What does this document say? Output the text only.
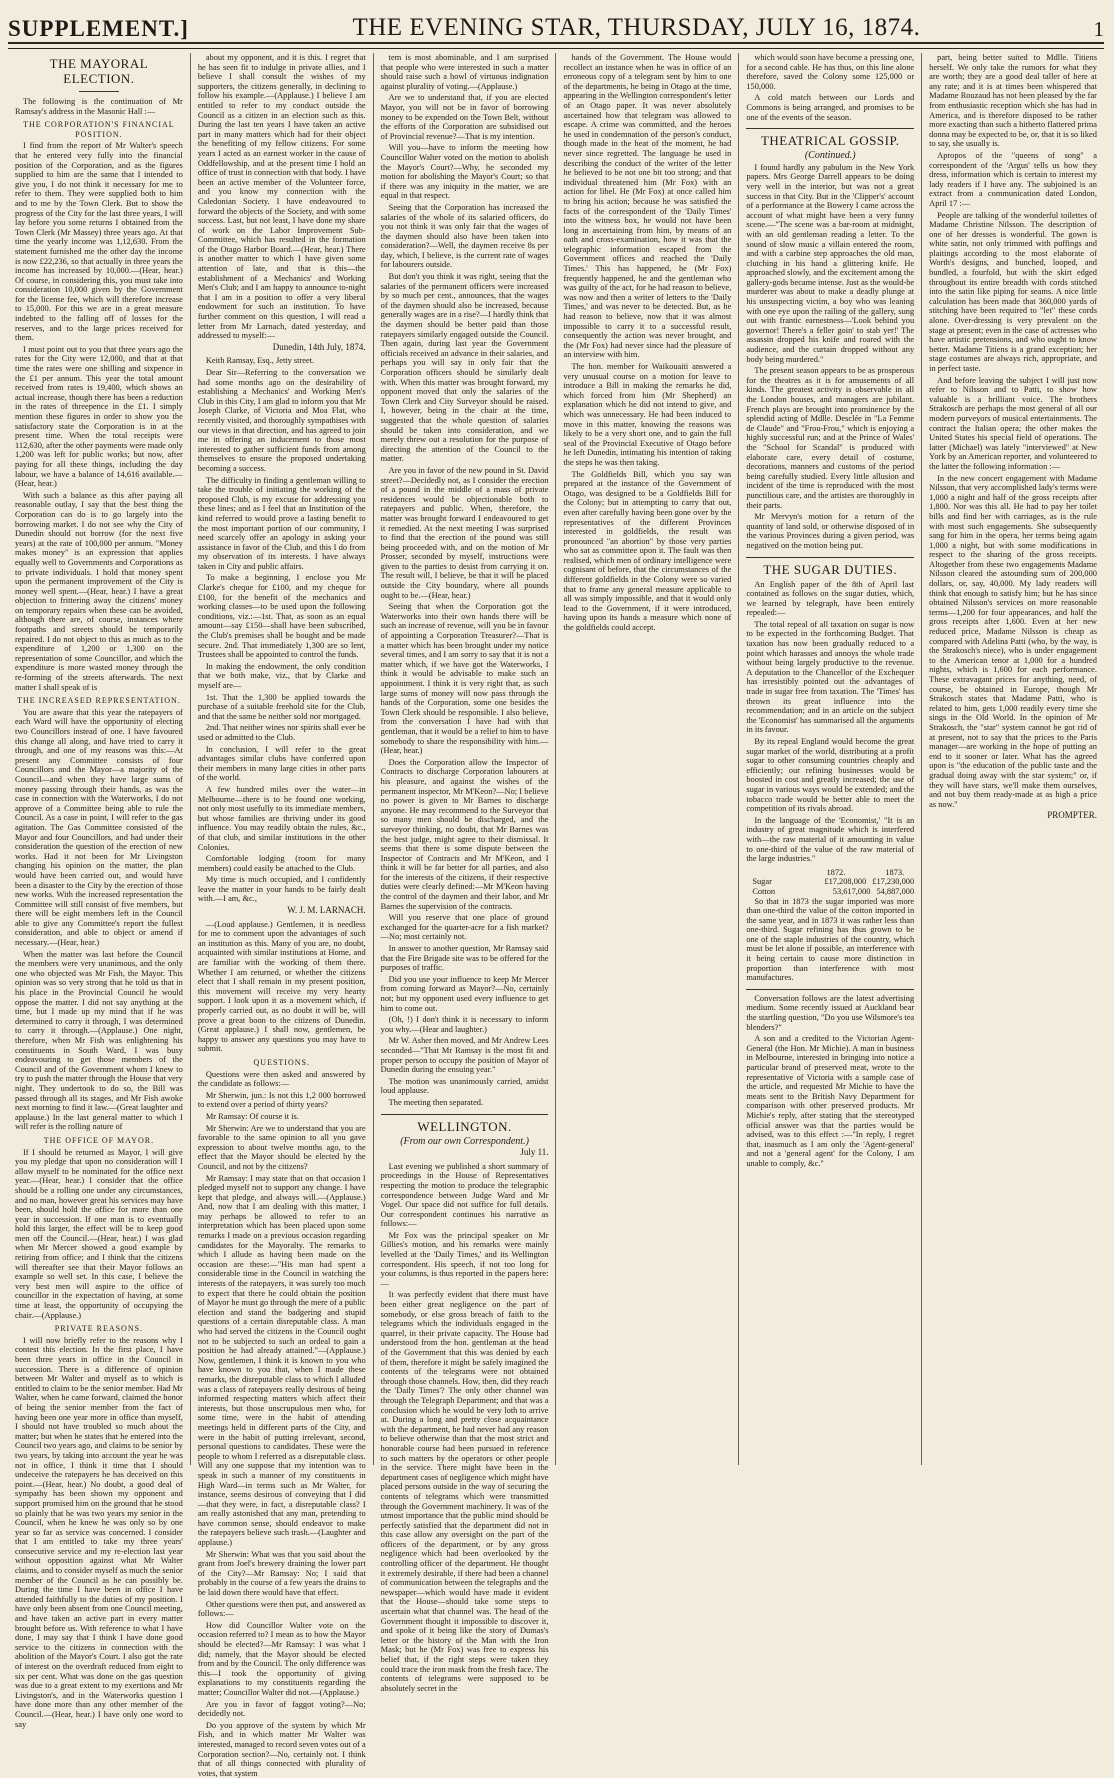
SUPPLEMENT.]	THE EVENING STAR, THURSDAY, JULY 16, 1874.	1
THE MAYORAL ELECTION.

The following is the continuation of Mr Ramsay's address in the Masonic Hall :—

THE CORPORATION'S FINANCIAL POSITION.

I find from the report of Mr Walter's speech that he entered very fully into the financial position of the Corporation, and as the figures supplied to him are the same that I intended to give you, I do not think it necessary for me to refer to them. They were supplied both to him and to me by the Town Clerk. But to show the progress of the City for the last three years, I will lay before you some returns I obtained from the Town Clerk (Mr Massey) three years ago. At that time the yearly income was 1,12,630. From the statement furnished me the other day the income is now £22,236, so that actually in three years the income has increased by 10,000.—(Hear, hear.) Of course, in considering this, you must take into consideration 10,000 given by the Government for the license fee, which will therefore increase to 15,000. For this we are in a great measure indebted to the falling off of losses for the reserves, and to the large prices received for them.

I must point out to you that three years ago the rates for the City were 12,000, and that at that time the rates were one shilling and sixpence in the £1 per annum. This year the total amount received from rates is 19,400, which shows an actual increase, though there has been a reduction in the rates of threepence in the £1. I simply mention these figures in order to show you the satisfactory state the Corporation is in at the present time. When the total receipts were 112,630, after the other payments were made only 1,200 was left for public works; but now, after paying for all these things, including the day labour, we have a balance of 14,616 available.—(Hear, hear.)

With such a balance as this after paying all reasonable outlay, I say that the best thing the Corporation can do is to go largely into the borrowing market. I do not see why the City of Dunedin should not borrow (for the next five years) at the rate of 100,000 per annum. "Money makes money" is an expression that applies equally well to Governments and Corporations as to private individuals. I hold that money spent upon the permanent improvement of the City is money well spent.—(Hear, hear.) I have a great objection to frittering away the citizens' money on temporary repairs when these can be avoided, although there are, of course, instances where footpaths and streets should be temporarily repaired. I do not object to this as much as to the expenditure of 1,200 or 1,300 on the representation of some Councillor, and which the expenditure is more wasted money through the re-forming of the streets afterwards. The next matter I shall speak of is

THE INCREASED REPRESENTATION.

You are aware that this year the ratepayers of each Ward will have the opportunity of electing two Councillors instead of one. I have favoured this change all along, and have tried to carry it through, and one of my reasons was this:—At present any Committee consists of four Councillors and the Mayor—a majority of the Council—and when they have large sums of money passing through their hands, as was the case in connection with the Waterworks, I do not approve of a Committee being able to rule the Council. As a case in point, I will refer to the gas agitation. The Gas Committee consisted of the Mayor and four Councillors, and had under their consideration the question of the erection of new works. Had it not been for Mr Livingston changing his opinion on the matter, the plan would have been carried out, and would have been a disaster to the City by the erection of those new works. With the increased representation the Committee will still consist of five members, but there will be eight members left in the Council able to give any Committee's report the fullest consideration, and able to object or amend if necessary.—(Hear, hear.)

When the matter was last before the Council the members were very unanimous, and the only one who objected was Mr Fish, the Mayor. This opinion was so very strong that he told us that in his place in the Provincial Council he would oppose the matter. I did not say anything at the time, but I made up my mind that if he was determined to carry it through, I was determined to carry it through.—(Applause.) One night, therefore, when Mr Fish was enlightening his constituents in South Ward, I was busy endeavouring to get those members of the Council and of the Government whom I knew to try to push the matter through the House that very night. They undertook to do so, the Bill was passed through all its stages, and Mr Fish awoke next morning to find it law.—(Great laughter and applause.) In the last general matter to which I will refer is the rolling nature of

THE OFFICE OF MAYOR.

If I should be returned as Mayor, I will give you my pledge that upon no consideration will I allow myself to be nominated for the office next year.—(Hear, hear.) I consider that the office should be a rolling one under any circumstances, and no man, however great his services may have been, should hold the office for more than one year in succession. If one man is to eventually hold this larger, the effect will be to keep good men off the Council.—(Hear, hear.) I was glad when Mr Mercer showed a good example by retiring from office; and I think that the citizens will thereafter see that their Mayor follows an example so well set. In this case, I believe the very best men will aspire to the office of councillor in the expectation of having, at some time at least, the opportunity of occupying the chair.—(Applause.)

PRIVATE REASONS.

I will now briefly refer to the reasons why I contest this election. In the first place, I have been three years in office in the Council in succession. There is a difference of opinion between Mr Walter and myself as to which is entitled to claim to be the senior member. Had Mr Walter, when he came forward, claimed the honor of being the senior member from the fact of having been one year more in office than myself, I should not have troubled so much about the matter; but when he states that he entered into the Council two years ago, and claims to be senior by two years, by taking into account the year he was not in office, I think it time that I should undeceive the ratepayers he has deceived on this point.—(Hear, hear.) No doubt, a good deal of sympathy has been shown my opponent and support promised him on the ground that he stood so plainly that he was two years my senior in the Council, when he knew he was only so by one year so far as service was concerned. I consider that I am entitled to take my three years' consecutive service and my re-election last year without opposition against what Mr Walter claims, and to consider myself as much the senior member of the Council as he can possibly be. During the time I have been in office I have attended faithfully to the duties of my position. I have only been absent from one Council meeting, and have taken an active part in every matter brought before us. With reference to what I have done, I may say that I think I have done good service to the citizens in connection with the abolition of the Mayor's Court. I also got the rate of interest on the overdraft reduced from eight to six per cent. What was done on the gas question was due to a great extent to my exertions and Mr Livingston's, and in the Waterworks question I have done more than any other member of the Council.—(Hear, hear.) I have only one word to say

about my opponent, and it is this. I regret that he has seen fit to indulge in private allies, and I believe I shall consult the wishes of my supporters, the citizens generally, in declining to follow his example.—(Applause.) I believe I am entitled to refer to my conduct outside the Council as a citizen in an election such as this. During the last ten years I have taken an active part in many matters which had for their object the benefiting of my fellow citizens. For some years I acted as an earnest worker in the cause of Oddfellowship, and at the present time I hold an office of trust in connection with that body. I have been an active member of the Volunteer force, and you know my connection with the Caledonian Society. I have endeavoured to forward the objects of the Society, and with some success. Last, but not least, I have done my share of work on the Labor Improvement Sub-Committee, which has resulted in the formation of the Otago Harbor Board.—(Hear, hear.) There is another matter to which I have given some attention of late, and that is this—the establishment of a Mechanics' and Working Men's Club; and I am happy to announce to-night that I am in a position to offer a very liberal endowment for such an institution. To have further comment on this question, I will read a letter from Mr Larnach, dated yesterday, and addressed to myself:—

Dunedin, 14th July, 1874.

Keith Ramsay, Esq., Jetty street.

Dear Sir—Referring to the conversation we had some months ago on the desirability of establishing a Mechanics' and Working Men's Club in this City, I am glad to inform you that Mr Joseph Clarke, of Victoria and Moa Flat, who recently visited, and thoroughly sympathises with our views in that direction, and has agreed to join me in offering an inducement to those most interested to gather sufficient funds from among themselves to ensure the proposed undertaking becoming a success.

The difficulty in finding a gentleman willing to take the trouble of initiating the working of the proposed Club, is my excuse for addressing you these lines; and as I feel that an Institution of the kind referred to would prove a lasting benefit to the most important portion of our community, I need scarcely offer an apology in asking your assistance in favor of the Club, and this I do from my observation of its interests. I have always taken in City and public affairs.

To make a beginning, I enclose you Mr Clarke's cheque for £100, and my cheque for £100, for the benefit of the mechanics and working classes—to be used upon the following conditions, viz.:—1st. That, as soon as an equal amount—say £150—shall have been subscribed, the Club's premises shall be bought and be made secure. 2nd. That immediately 1,300 are so lent, Trustees shall be appointed to control the funds.

In making the endowment, the only condition that we both make, viz., that by Clarke and myself are—

1st. That the 1,300 be applied towards the purchase of a suitable freehold site for the Club, and that the same be neither sold nor mortgaged.

2nd. That neither wines nor spirits shall ever be used or admitted to the Club.

In conclusion, I will refer to the great advantages similar clubs have conferred upon their members in many large cities in other parts of the world.

A few hundred miles over the water—in Melbourne—there is to be found one working, not only most usefully to its immediate members, but whose families are thriving under its good influence. You may readily obtain the rules, &c., of that club, and similar institutions in the other Colonies.

Comfortable lodging (room for many members) could easily be attached to the Club.

My time is much occupied, and I confidently leave the matter in your hands to be fairly dealt with.—I am, &c.,

W. J. M. LARNACH.

—(Loud applause.) Gentlemen, it is needless for me to comment upon the advantages of such an institution as this. Many of you are, no doubt, acquainted with similar institutions at Home, and are familiar with the working of them there. Whether I am returned, or whether the citizens elect that I shall remain in my present position, this movement will receive my very hearty support. I look upon it as a movement which, if properly carried out, as no doubt it will be, will prove a great boon to the citizens of Dunedin. (Great applause.) I shall now, gentlemen, be happy to answer any questions you may have to submit.

QUESTIONS.

Questions were then asked and answered by the candidate as follows:—

Mr Sherwin, jun.: Is not this 1,2 000 borrowed to extend over a period of thirty years?

Mr Ramsay: Of course it is.

Mr Sherwin: Are we to understand that you are favorable to the same opinion to all you gave expression to about twelve months ago, to the effect that the Mayor should be elected by the Council, and not by the citizens?

Mr Ramsay: I may state that on that occasion I pledged myself not to support any change. I have kept that pledge, and always will.—(Applause.) And, now that I am dealing with this matter, I may perhaps be allowed to refer to an interpretation which has been placed upon some remarks I made on a previous occasion regarding candidates for the Mayoralty. The remarks to which I allude as having been made on the occasion are these:—"His man had spent a considerable time in the Council in watching the interests of the ratepayers, it was surely too much to expect that there he could obtain the position of Mayor he must go through the mere of a public election and stand the badgering and stupid questions of a certain disreputable class. A man who had served the citizens in the Council ought not to be subjected to such an ordeal to gain a position he had already attained."—(Applause.) Now, gentlemen, I think it is known to you who have known to you that, when I made these remarks, the disreputable class to which I alluded was a class of ratepayers really desirous of being informed respecting matters which affect their interests, but those unscrupulous men who, for some time, were in the habit of attending meetings held in different parts of the City, and were in the habit of putting irrelevant, second, personal questions to candidates. These were the people to whom I referred as a disreputable class. Will any one suppose that my intention was to speak in such a manner of my constituents in High Ward—in terms such as Mr Walter, for instance, seems desirous of conveying that I did—that they were, in fact, a disreputable class? I am really astonished that any man, pretending to have common sense, should endeavor to make the ratepayers believe such trash.—(Laughter and applause.)

Mr Sherwin: What was that you said about the grant from Joel's brewery draining the lower part of the City?—Mr Ramsay: No; I said that probably in the course of a few years the drains to be laid down there would have that effect.

Other questions were then put, and answered as follows:—

How did Councillor Walter vote on the occasion referred to? I mean as to how the Mayor should be elected?—Mr Ramsay: I was what I did; namely, that the Mayor should be elected from and by the Council. The only difference was this—I took the opportunity of giving explanations to my constituents regarding the matter; Councillor Walter did not.—(Applause.)

Are you in favor of faggot voting?—No; decidedly not.

Do you approve of the system by which Mr Fish, and in which matter Mr Walter was interested, managed to record seven votes out of a Corporation section?—No, certainly not. I think that of all things connected with plurality of votes, that system

tem is most abominable, and I am surprised that people who were interested in such a matter should raise such a howl of virtuous indignation against plurality of voting.—(Applause.)

Are we to understand that, if you are elected Mayor, you will not be in favor of borrowing money to be expended on the Town Belt, without the efforts of the Corporation are subsidised out of Provincial revenue?—That is my intention.

Will you—have to inform the meeting how Councillor Walter voted on the motion to abolish the Mayor's Court?—Why, he seconded my motion for abolishing the Mayor's Court; so that if there was any iniquity in the matter, we are equal in that respect.

Seeing that the Corporation has increased the salaries of the whole of its salaried officers, do you not think it was only fair that the wages of the daymen should also have been taken into consideration?—Well, the daymen receive 8s per day, which, I believe, is the current rate of wages for labourers outside.

But don't you think it was right, seeing that the salaries of the permanent officers were increased by so much per cent., announces, that the wages of the daymen should also be increased, because generally wages are in a rise?—I hardly think that the daymen should be better paid than those ratepayers similarly engaged outside the Council. Then again, during last year the Government officials received an advance in their salaries, and perhaps you will say in only fair that the Corporation officers should be similarly dealt with. When this matter was brought forward, my opponent moved that only the salaries of the Town Clerk and City Surveyor should be raised. I, however, being in the chair at the time, suggested that the whole question of salaries should be taken into consideration, and we merely threw out a resolution for the purpose of directing the attention of the Council to the matter.

Are you in favor of the new pound in St. David street?—Decidedly not, as I consider the erection of a pound in the middle of a mass of private residences would be objectionable both to ratepayers and public. When, therefore, the matter was brought forward I endeavoured to get it remedied. At the next meeting I was surprised to find that the erection of the pound was still being proceeded with, and on the motion of Mr Prosser, seconded by myself, instructions were given to the parties to desist from carrying it on. The result will, I believe, be that it will be placed outside the City boundary, where all pounds ought to be.—(Hear, hear.)

Seeing that when the Corporation got the Waterworks into their own hands there will be such an increase of revenue, will you be in favour of appointing a Corporation Treasurer?—That is a matter which has been brought under my notice several times, and I am sorry to say that it is not a matter which, if we have got the Waterworks, I think it would be advisable to make such an appointment. I think it is very right that, as such large sums of money will now pass through the hands of the Corporation, some one besides the Town Clerk should be responsible. I also believe, from the conversation I have had with that gentleman, that it would be a relief to him to have somebody to share the responsibility with him.—(Hear, hear.)

Does the Corporation allow the Inspector of Contracts to discharge Corporation labourers at his pleasure, and against the wishes of the permanent inspector, Mr M'Keon?—No; I believe no power is given to Mr Barnes to discharge anyone. He may recommend to the Surveyor that so many men should be discharged, and the surveyor thinking, no doubt, that Mr Barnes was the best judge, might agree to their dismissal. It seems that there is some dispute between the Inspector of Contracts and Mr M'Keon, and I think it will be far better for all parties, and also for the interests of the citizens, if their respective duties were clearly defined:—Mr M'Keon having the control of the daymen and their labor, and Mr Barnes the supervision of the contracts.

Will you reserve that one place of ground exchanged for the quarter-acre for a fish market?—No; most certainly not.

In answer to another question, Mr Ramsay said that the Fire Brigade site was to be offered for the purposes of traffic.

Did you use your influence to keep Mr Mercer from coming forward as Mayor?—No, certainly not; but my opponent used every influence to get him to come out.

(Oh, !) I don't think it is necessary to inform you why.—(Hear and laughter.)

Mr W. Asher then moved, and Mr Andrew Lees seconded—"That Mr Ramsay is the most fit and proper person to occupy the position of Mayor of Dunedin during the ensuing year."

The motion was unanimously carried, amidst loud applause.

The meeting then separated.

WELLINGTON.
(From our own Correspondent.)
July 11.

Last evening we published a short summary of proceedings in the House of Representatives respecting the motion to produce the telegraphic correspondence between Judge Ward and Mr Vogel. Our space did not suffice for full details. Our correspondent continues his narrative as follows:—

Mr Fox was the principal speaker on Mr Gillies's motion, and his remarks were mainly levelled at the 'Daily Times,' and its Wellington correspondent. His speech, if not too long for your columns, is thus reported in the papers here:—

It was perfectly evident that there must have been either great negligence on the part of somebody, or else gross breach of faith to the telegrams which the individuals engaged in the quarrel, in their private capacity. The House had understood from the hon. gentleman at the head of the Government that this was denied by each of them, therefore it might be safely imagined the contents of the telegrams were not obtained through those channels. How, then, did they reach the 'Daily Times'? The only other channel was through the Telegraph Department; and that was a conclusion which he would be very loth to arrive at. During a long and pretty close acquaintance with the department, he had never had any reason to believe otherwise than that the most strict and honorable course had been pursued in reference to such matters by the operators or other people in the service. There might have been in the department cases of negligence which might have placed persons outside in the way of securing the contents of telegrams which were transmitted through the Government machinery. It was of the utmost importance that the public mind should be perfectly satisfied that the department did not in this case allow any oversight on the part of the officers of the department, or by any gross negligence which had been overlooked by the controlling officer of the department. He thought it extremely desirable, if there had been a channel of communication between the telegraphs and the newspaper—which would have made it evident that the House—should take some steps to ascertain what that channel was. The head of the Government thought it impossible to discover it, and spoke of it being like the story of Dumas's letter or the history of the Man with the Iron Mask; but he (Mr Fox) was free to express his belief that, if the right steps were taken they could trace the iron mask from the fresh face. The contents of telegrams were supposed to be absolutely secret in the

hands of the Government. The House would recollect an instance when he was in office of an erroneous copy of a telegram sent by him to one of the departments, he being in Otago at the time, appearing in the Wellington correspondent's letter of an Otago paper. It was never absolutely ascertained how that telegram was allowed to escape. A crime was committed, and the heroes he used in condemnation of the person's conduct, though made in the heat of the moment, he had never since regretted. The language he used in describing the conduct of the writer of the letter he believed to be not one bit too strong; and that individual threatened him (Mr Fox) with an action for libel. He (Mr Fox) at once called him to bring his action; because he was satisfied the facts of the correspondent of the 'Daily Times' into the witness box, he would not have been long in ascertaining from him, by means of an oath and cross-examination, how it was that the telegraphic information escaped from the Government offices and reached the 'Daily Times.' This has happened, he (Mr Fox) frequently happened, he and the gentleman who was guilty of the act, for he had reason to believe, was now and then a writer of letters to the 'Daily Times,' and was never to be detected. But, as he had reason to believe, now that it was almost impossible to carry it to a successful result, consequently the action was never brought, and the (Mr Fox) had never since had the pleasure of an interview with him.

The hon. member for Waikouaiti answered a very unusual course on a motion for leave to introduce a Bill in making the remarks he did, which forced from him (Mr Shepherd) an explanation which he did not intend to give, and which was unnecessary. He had been induced to move in this matter, knowing the reasons was likely to be a very short one, and to gain the full seal of the Provincial Executive of Otago before he left Dunedin, intimating his intention of taking the steps he was then taking.

The Goldfields Bill, which you say was prepared at the instance of the Government of Otago, was designed to be a Goldfields Bill for the Colony; but in attempting to carry that out, even after carefully having been gone over by the representatives of the different Provinces interested in goldfields, the result was pronounced "an abortion" by those very parties who sat as committee upon it. The fault was then realised, which men of ordinary intelligence were cognisant of before, that the circumstances of the different goldfields in the Colony were so varied that to frame any general measure applicable to all was simply impossible, and that it would only lead to the Government, if it were introduced, having upon its hands a measure which none of the goldfields could accept.

which would soon have become a pressing one, for a second cable. He has thus, on this line alone therefore, saved the Colony some 125,000 or 150,000.

A cold match between our Lords and Commons is being arranged, and promises to be one of the events of the season.

THEATRICAL GOSSIP.
(Continued.)

I found hardly any pabulum in the New York papers. Mrs George Darrell appears to be doing very well in the interior, but was not a great success in that City. But in the 'Clipper's' account of a performance at the Bowery I came across the account of what might have been a very funny scene.—"The scene was a bar-room at midnight, with an old gentleman reading a letter. To the sound of slow music a villain entered the room, and with a carbine step approaches the old man, clutching in his hand a glittering knife. He approached slowly, and the excitement among the gallery-gods became intense. Just as the would-be murderer was about to make a deadly plunge at his unsuspecting victim, a boy who was leaning with one eye upon the railing of the gallery, sung out with frantic earnestness—'Look behind you governor! There's a feller goin' to stab yer!' The assassin dropped his knife and roared with the audience, and the curtain dropped without any body being murdered."

The present season appears to be as prosperous for the theatres as it is for amusements of all kinds. The greatest activity is observable in all the London houses, and managers are jubilant. French plays are brought into prominence by the splendid acting of Mdlle. Desclée in "La Femme de Claude" and "Frou-Frou," which is enjoying a highly successful run; and at the Prince of Wales' the "School for Scandal" is produced with elaborate care, every detail of costume, decorations, manners and customs of the period being carefully studied. Every little allusion and incident of the time is reproduced with the most punctilious care, and the artistes are thoroughly in their parts.

Mr Mervyn's motion for a return of the quantity of land sold, or otherwise disposed of in the various Provinces during a given period, was negatived on the motion being put.

THE SUGAR DUTIES.

An English paper of the 8th of April last contained as follows on the sugar duties, which, we learned by telegraph, have been entirely repealed:—

The total repeal of all taxation on sugar is now to be expected in the forthcoming Budget. That taxation has now been gradually reduced to a point which harasses and annoys the whole trade without being largely productive to the revenue. A deputation to the Chancellor of the Exchequer has irresistibly pointed out the advantages of trade in sugar free from taxation. The 'Times' has thrown its great influence into the recommendation; and in an article on the subject the 'Economist' has summarised all the arguments in its favour.

By its repeal England would become the great sugar market of the world, distributing at a profit sugar to other consuming countries cheaply and efficiently; our refining businesses would be boosted in cost and greatly increased; the use of sugar in various ways would be extended; and the tobacco trade would be better able to meet the competition of its rivals abroad.

In the language of the 'Economist,' "It is an industry of great magnitude which is interfered with—the raw material of it amounting in value to one-third of the value of the raw material of the large industries."

1872.	1873.
Sugar	£17,208,000 £17,230,000
Cotton	53,617,000 54,887,000

So that in 1873 the sugar imported was more than one-third the value of the cotton imported in the same year, and in 1873 it was rather less than one-third. Sugar refining has thus grown to be one of the staple industries of the country, which must be let alone if possible, an interference with it being certain to cause more distinction in proportion than interference with most manufactures.

Conversation follows are the latest advertising medium. Some recently issued at Auckland bear the startling question, "Do you use Wilsmore's tea blenders?"

A son and a credited to the Victorian Agent-General (the Hon. Mr Michie). A man in business in Melbourne, interested in bringing into notice a particular brand of preserved meat, wrote to the representative of Victoria with a sample case of the article, and requested Mr Michie to have the meats sent to the British Navy Department for comparison with other preserved products. Mr Michie's reply, after stating that the stereotyped official answer was that the parties would be advised, was to this effect :—"In reply, I regret that, inasmuch as I am only the 'Agent-general' and not a 'general agent' for the Colony, I am unable to comply, &c."

part, being better suited to Mdlle. Titiens herself. We only take the rumors for what they are worth; they are a good deal taller of here at any rate; and it is at times been whispered that Madame Rouzaud has not been pleased by the far from enthusiastic reception which she has had in America, and is therefore disposed to be rather more exacting than such a hitherto flattered prima donna may be expected to be, or, that it is so liked to say, she usually is.

Apropos of the "queens of song" a correspondent of the 'Argus' tells us how they dress, information which is certain to interest my lady readers if I have any. The subjoined is an extract from a communication dated London, April 17 :—

People are talking of the wonderful toilettes of Madame Christine Nilsson. The description of one of her dresses is wonderful. The gown is white satin, not only trimmed with puffings and plaitings according to the most elaborate of Worth's designs, and bunched, looped, and bundled, a fourfold, but with the skirt edged throughout its entire breadth with cords stitched into the satin like piping for seams. A nice little calculation has been made that 360,000 yards of stitching have been required to "let" these cords alone. Over-dressing is very prevalent on the stage at present; even in the case of actresses who have artistic pretensions, and who ought to know better. Madame Titiens is a grand exception; her stage costumes are always rich, appropriate, and in perfect taste.

And before leaving the subject I will just now refer to Nilsson and to Patti, to show how valuable is a brilliant voice. The brothers Strakosch are perhaps the most general of all our modern purveyors of musical entertainments. The contract the Italian opera; the other makes the United States his special field of operations. The latter (Michael) was lately "interviewed" at New York by an American reporter, and volunteered to the latter the following information :—

In the new concert engagement with Madame Nilsson, that very accomplished lady's terms were 1,000 a night and half of the gross receipts after 1,800. Nor was this all. He had to pay her toilet bills and find her with carriages, as is the rule with most such engagements. She subsequently sang for him in the opera, her terms being again 1,000 a night, but with some modifications in respect to the sharing of the gross receipts. Altogether from these two engagements Madame Nilsson cleared the astounding sum of 200,000 dollars, or, say, 40,000. My lady readers will think that enough to satisfy him; but he has since obtained Nilsson's services on more reasonable terms—1,200 for four appearances, and half the gross receipts after 1,600. Even at her new reduced price, Madame Nilsson is cheap as compared with Adelina Patti (who, by the way, is the Strakosch's niece), who is under engagement to the American tenor at 1,000 for a hundred nights, which is 1,600 for each performance. These extravagant prices for anything, need, of course, be obtained in Europe, though Mr Strakosch states that Madame Patti, who is related to him, gets 1,000 readily every time she sings in the Old World. In the opinion of Mr Strakosch, the "star" system cannot be got rid of at present, not to say that the prices to the Paris manager—are working in the hope of putting an end to it sooner or later. What has the agreed upon is "the education of the public taste and the gradual doing away with the star system;" or, if they will have stars, we'll make them ourselves, and not buy them ready-made at as high a price as now."

PROMPTER.
